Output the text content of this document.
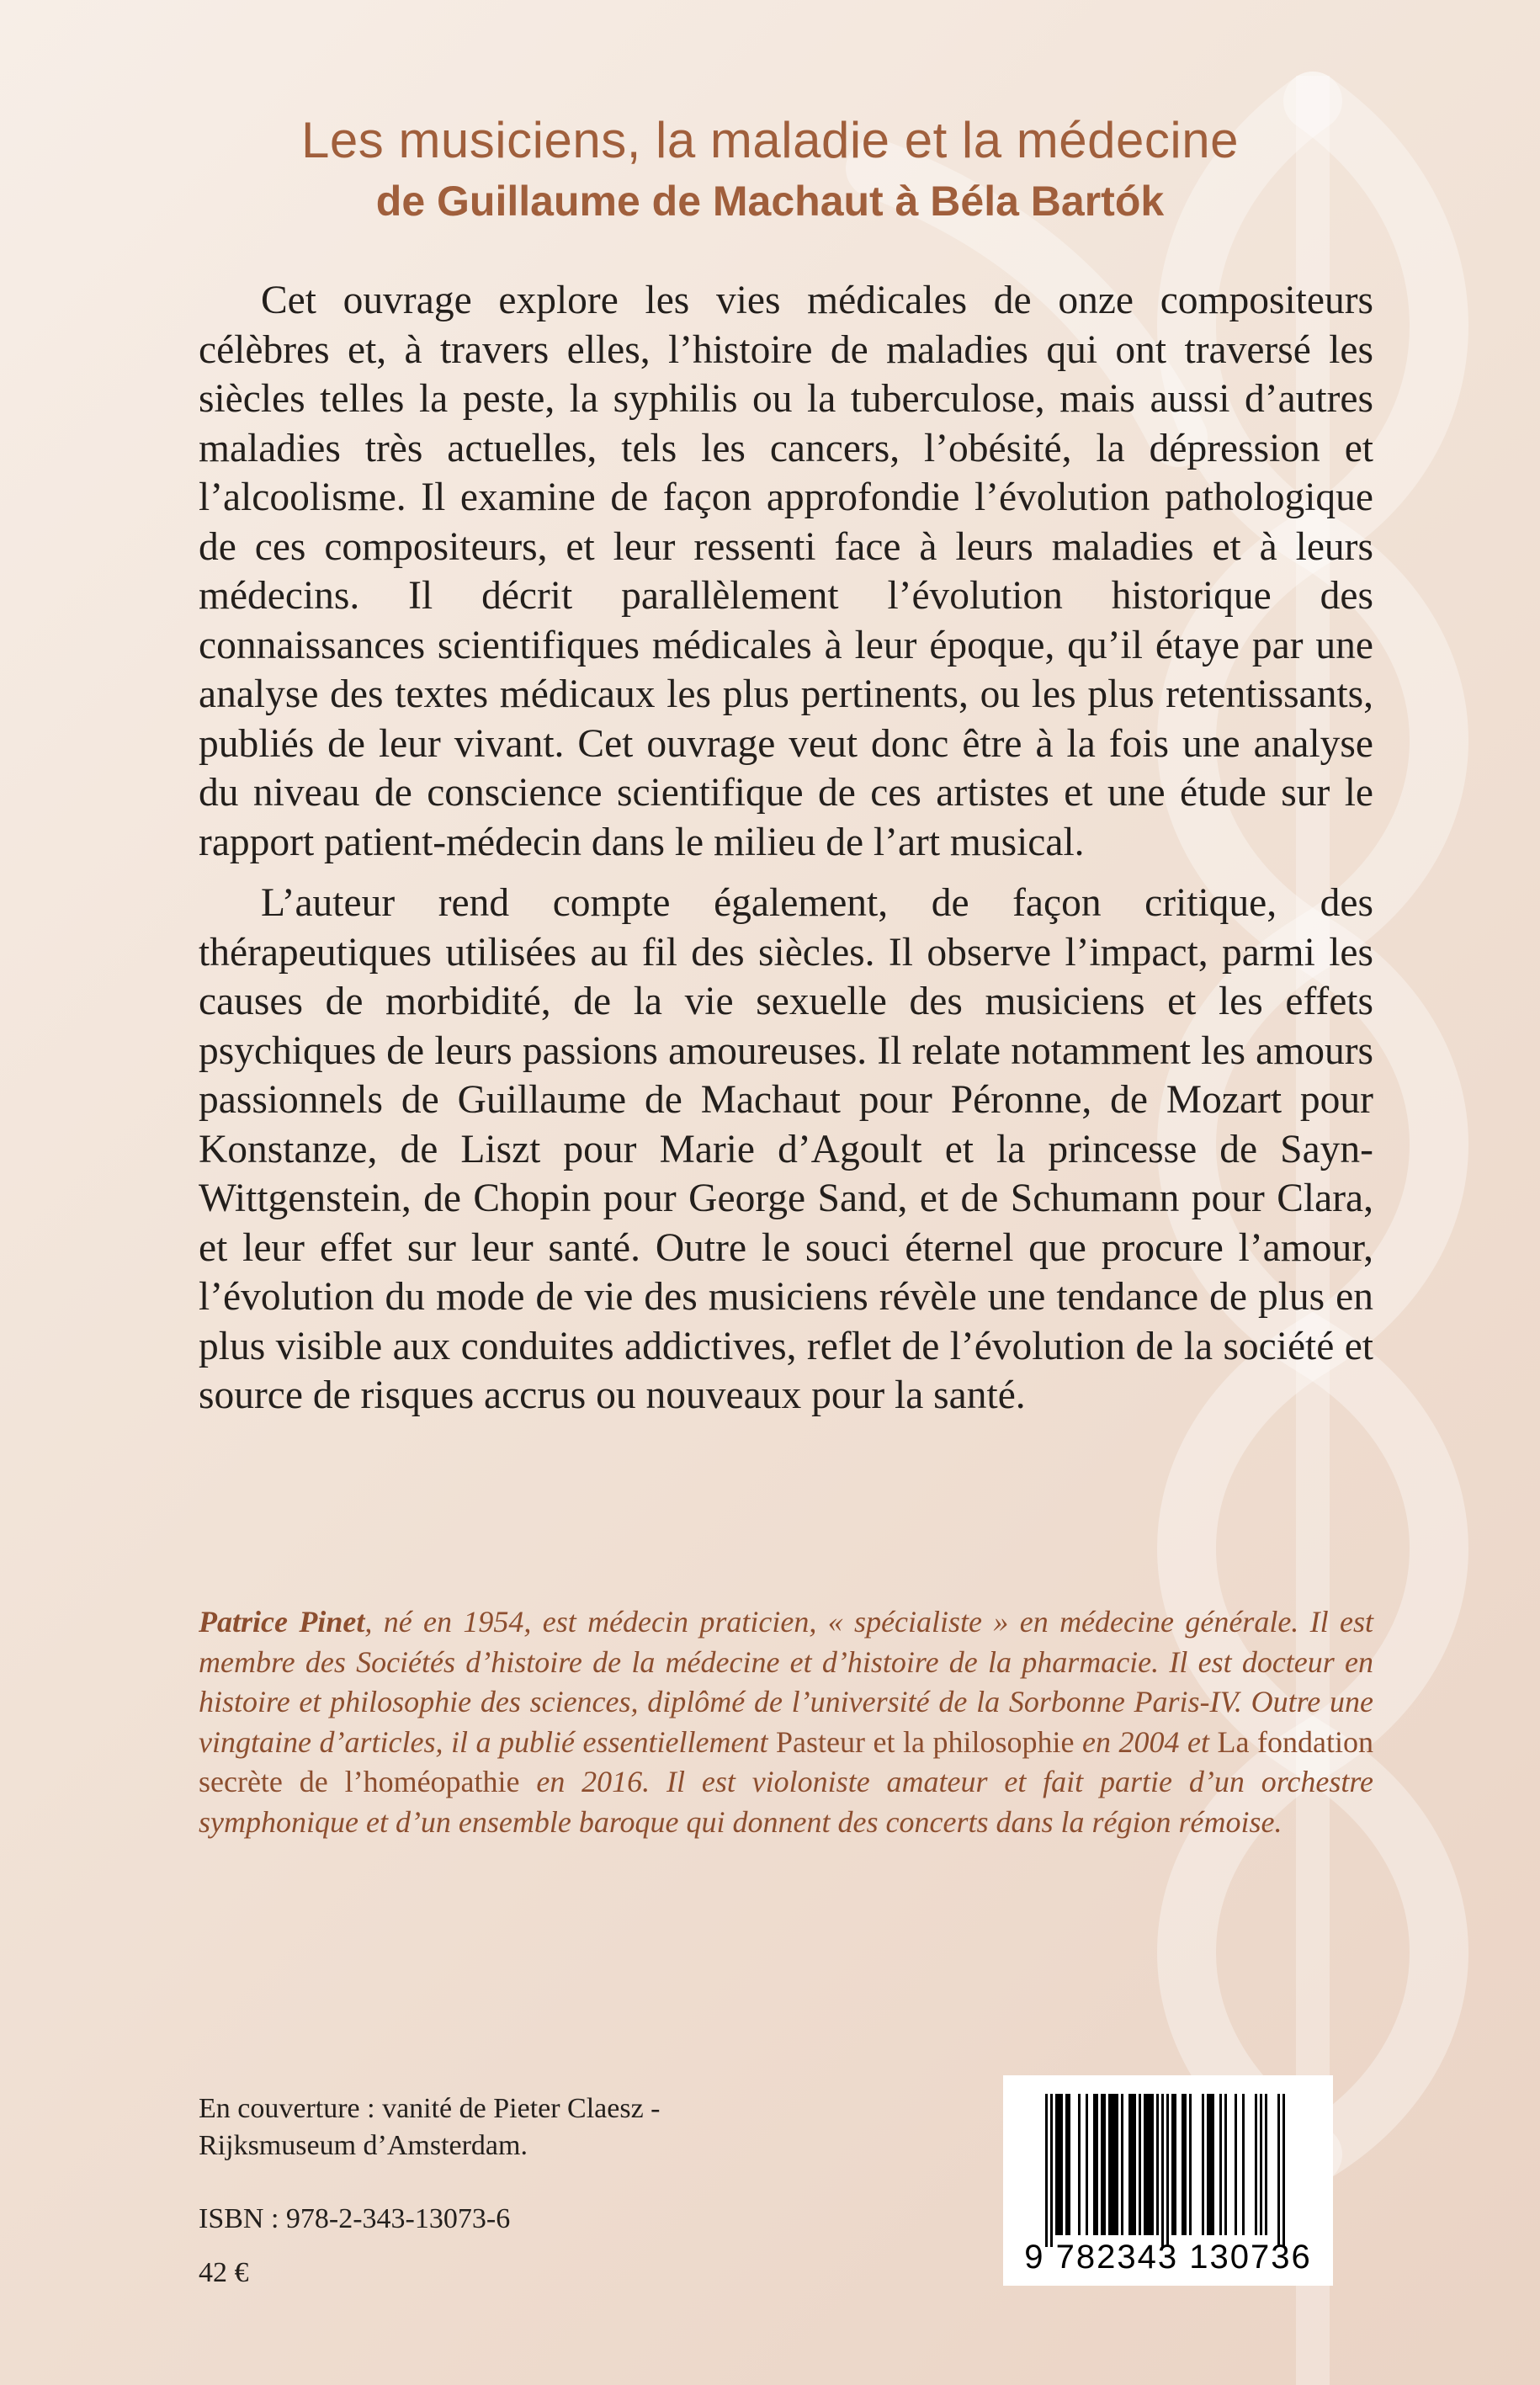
Les musiciens, la maladie et la médecine
de Guillaume de Machaut à Béla Bartók

Cet ouvrage explore les vies médicales de onze compositeurs célèbres et, à travers elles, l’histoire de maladies qui ont traversé les siècles telles la peste, la syphilis ou la tuberculose, mais aussi d’autres maladies très actuelles, tels les cancers, l’obésité, la dépression et l’alcoolisme. Il examine de façon approfondie l’évolution pathologique de ces compositeurs, et leur ressenti face à leurs maladies et à leurs médecins. Il décrit parallèlement l’évolution historique des connaissances scientifiques médicales à leur époque, qu’il étaye par une analyse des textes médicaux les plus pertinents, ou les plus retentissants, publiés de leur vivant. Cet ouvrage veut donc être à la fois une analyse du niveau de conscience scientifique de ces artistes et une étude sur le rapport patient-médecin dans le milieu de l’art musical.

L’auteur rend compte également, de façon critique, des thérapeutiques utilisées au fil des siècles. Il observe l’impact, parmi les causes de morbidité, de la vie sexuelle des musiciens et les effets psychiques de leurs passions amoureuses. Il relate notamment les amours passionnels de Guillaume de Machaut pour Péronne, de Mozart pour Konstanze, de Liszt pour Marie d’Agoult et la princesse de Sayn-Wittgenstein, de Chopin pour George Sand, et de Schumann pour Clara, et leur effet sur leur santé. Outre le souci éternel que procure l’amour, l’évolution du mode de vie des musiciens révèle une tendance de plus en plus visible aux conduites addictives, reflet de l’évolution de la société et source de risques accrus ou nouveaux pour la santé.

Patrice Pinet, né en 1954, est médecin praticien, « spécialiste » en médecine générale. Il est membre des Sociétés d’histoire de la médecine et d’histoire de la pharmacie. Il est docteur en histoire et philosophie des sciences, diplômé de l’université de la Sorbonne Paris-IV. Outre une vingtaine d’articles, il a publié essentiellement Pasteur et la philosophie en 2004 et La fondation secrète de l’homéopathie en 2016. Il est violoniste amateur et fait partie d’un orchestre symphonique et d’un ensemble baroque qui donnent des concerts dans la région rémoise.

En couverture : vanité de Pieter Claesz -
Rijksmuseum d’Amsterdam.
ISBN : 978-2-343-13073-6
42 €	9 782343 130736
